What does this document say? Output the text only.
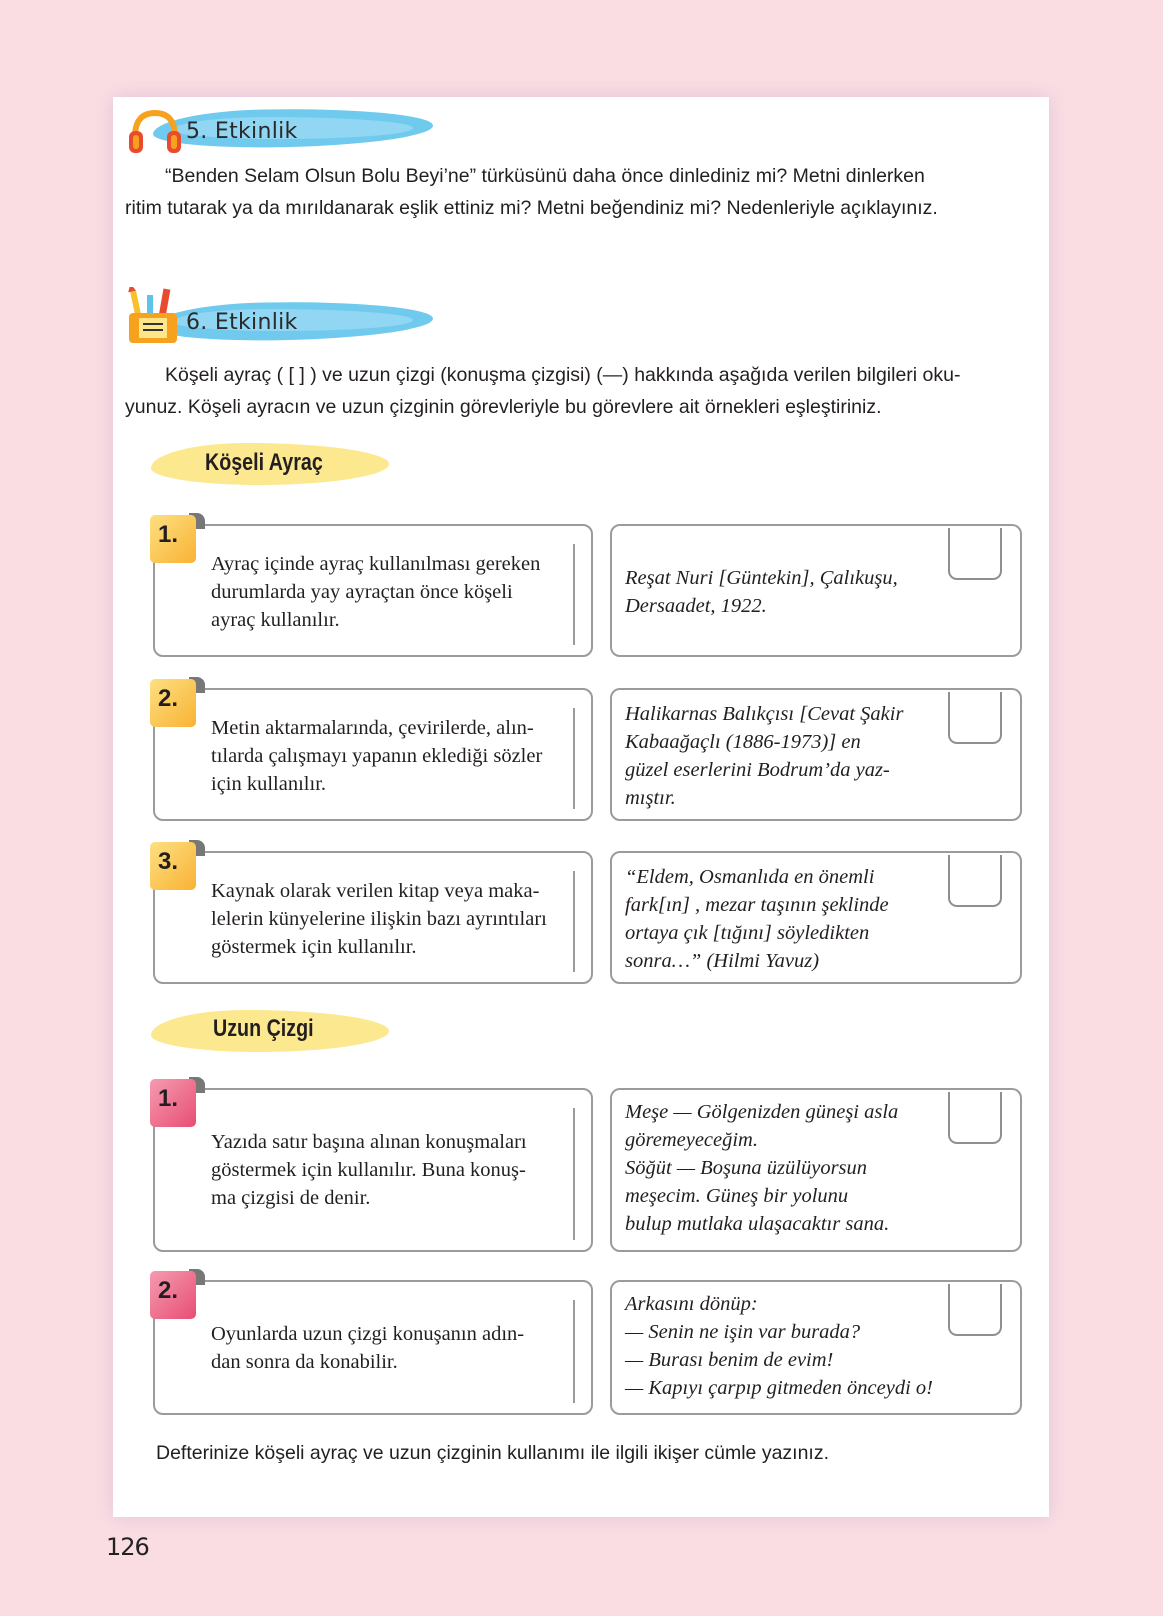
5. Etkinlik
“Benden Selam Olsun Bolu Beyi’ne” türküsünü daha önce dinlediniz mi? Metni dinlerken
ritim tutarak ya da mırıldanarak eşlik ettiniz mi? Metni beğendiniz mi? Nedenleriyle açıklayınız.
6. Etkinlik
Köşeli ayraç ( [ ] ) ve uzun çizgi (konuşma çizgisi) (—) hakkında aşağıda verilen bilgileri oku-
yunuz. Köşeli ayracın ve uzun çizginin görevleriyle bu görevlere ait örnekleri eşleştiriniz.
Köşeli Ayraç
Ayraç içinde ayraç kullanılması gereken
durumlarda yay ayraçtan önce köşeli
ayraç kullanılır.
1.
Reşat Nuri [Güntekin], Çalıkuşu,
Dersaadet, 1922.
Metin aktarmalarında, çevirilerde, alın-
tılarda çalışmayı yapanın eklediği sözler
için kullanılır.
2.
Halikarnas Balıkçısı [Cevat Şakir
Kabaağaçlı (1886-1973)] en
güzel eserlerini Bodrum’da yaz-
mıştır.
Kaynak olarak verilen kitap veya maka-
lelerin künyelerine ilişkin bazı ayrıntıları
göstermek için kullanılır.
3.
“Eldem, Osmanlıda en önemli
fark[ın] , mezar taşının şeklinde
ortaya çık [tığını] söyledikten
sonra…” (Hilmi Yavuz)
Uzun Çizgi
Yazıda satır başına alınan konuşmaları
göstermek için kullanılır. Buna konuş-
ma çizgisi de denir.
1.	Meşe — Gölgenizden güneşi asla
göremeyeceğim.
Söğüt — Boşuna üzülüyorsun
meşecim. Güneş bir yolunu
bulup mutlaka ulaşacaktır sana.
Oyunlarda uzun çizgi konuşanın adın-
dan sonra da konabilir.
2.	Arkasını dönüp:
— Senin ne işin var burada?
— Burası benim de evim!
— Kapıyı çarpıp gitmeden önceydi o!
Defterinize köşeli ayraç ve uzun çizginin kullanımı ile ilgili ikişer cümle yazınız.
126
